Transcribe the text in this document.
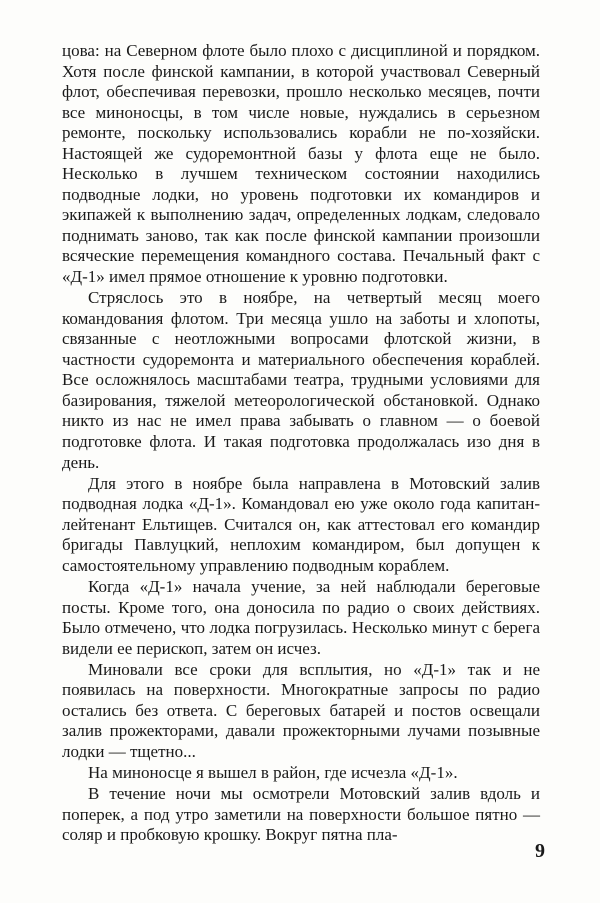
цова: на Северном флоте было плохо с дисциплиной и порядком. Хотя после финской кампании, в которой участвовал Северный флот, обеспечивая перевозки, прошло несколько месяцев, почти все миноносцы, в том числе новые, нуждались в серьезном ремонте, поскольку использовались корабли не по-хозяйски. Настоящей же судоремонтной базы у флота еще не было. Несколько в лучшем техническом состоянии находились подводные лодки, но уровень подготовки их командиров и экипажей к выполнению задач, определенных лодкам, следовало поднимать заново, так как после финской кампании произошли всяческие перемещения командного состава. Печальный факт с «Д-1» имел прямое отношение к уровню подготовки.

Стряслось это в ноябре, на четвертый месяц моего командования флотом. Три месяца ушло на заботы и хлопоты, связанные с неотложными вопросами флотской жизни, в частности судоремонта и материального обеспечения кораблей. Все осложнялось масштабами театра, трудными условиями для базирования, тяжелой метеорологической обстановкой. Однако никто из нас не имел права забывать о главном — о боевой подготовке флота. И такая подготовка продолжалась изо дня в день.

Для этого в ноябре была направлена в Мотовский залив подводная лодка «Д-1». Командовал ею уже около года капитан-лейтенант Ельтищев. Считался он, как аттестовал его командир бригады Павлуцкий, неплохим командиром, был допущен к самостоятельному управлению подводным кораблем.

Когда «Д-1» начала учение, за ней наблюдали береговые посты. Кроме того, она доносила по радио о своих действиях. Было отмечено, что лодка погрузилась. Несколько минут с берега видели ее перископ, затем он исчез.

Миновали все сроки для всплытия, но «Д-1» так и не появилась на поверхности. Многократные запросы по радио остались без ответа. С береговых батарей и постов освещали залив прожекторами, давали прожекторными лучами позывные лодки — тщетно...

На миноносце я вышел в район, где исчезла «Д-1».

В течение ночи мы осмотрели Мотовский залив вдоль и поперек, а под утро заметили на поверхности большое пятно — соляр и пробковую крошку. Вокруг пятна пла-

9
